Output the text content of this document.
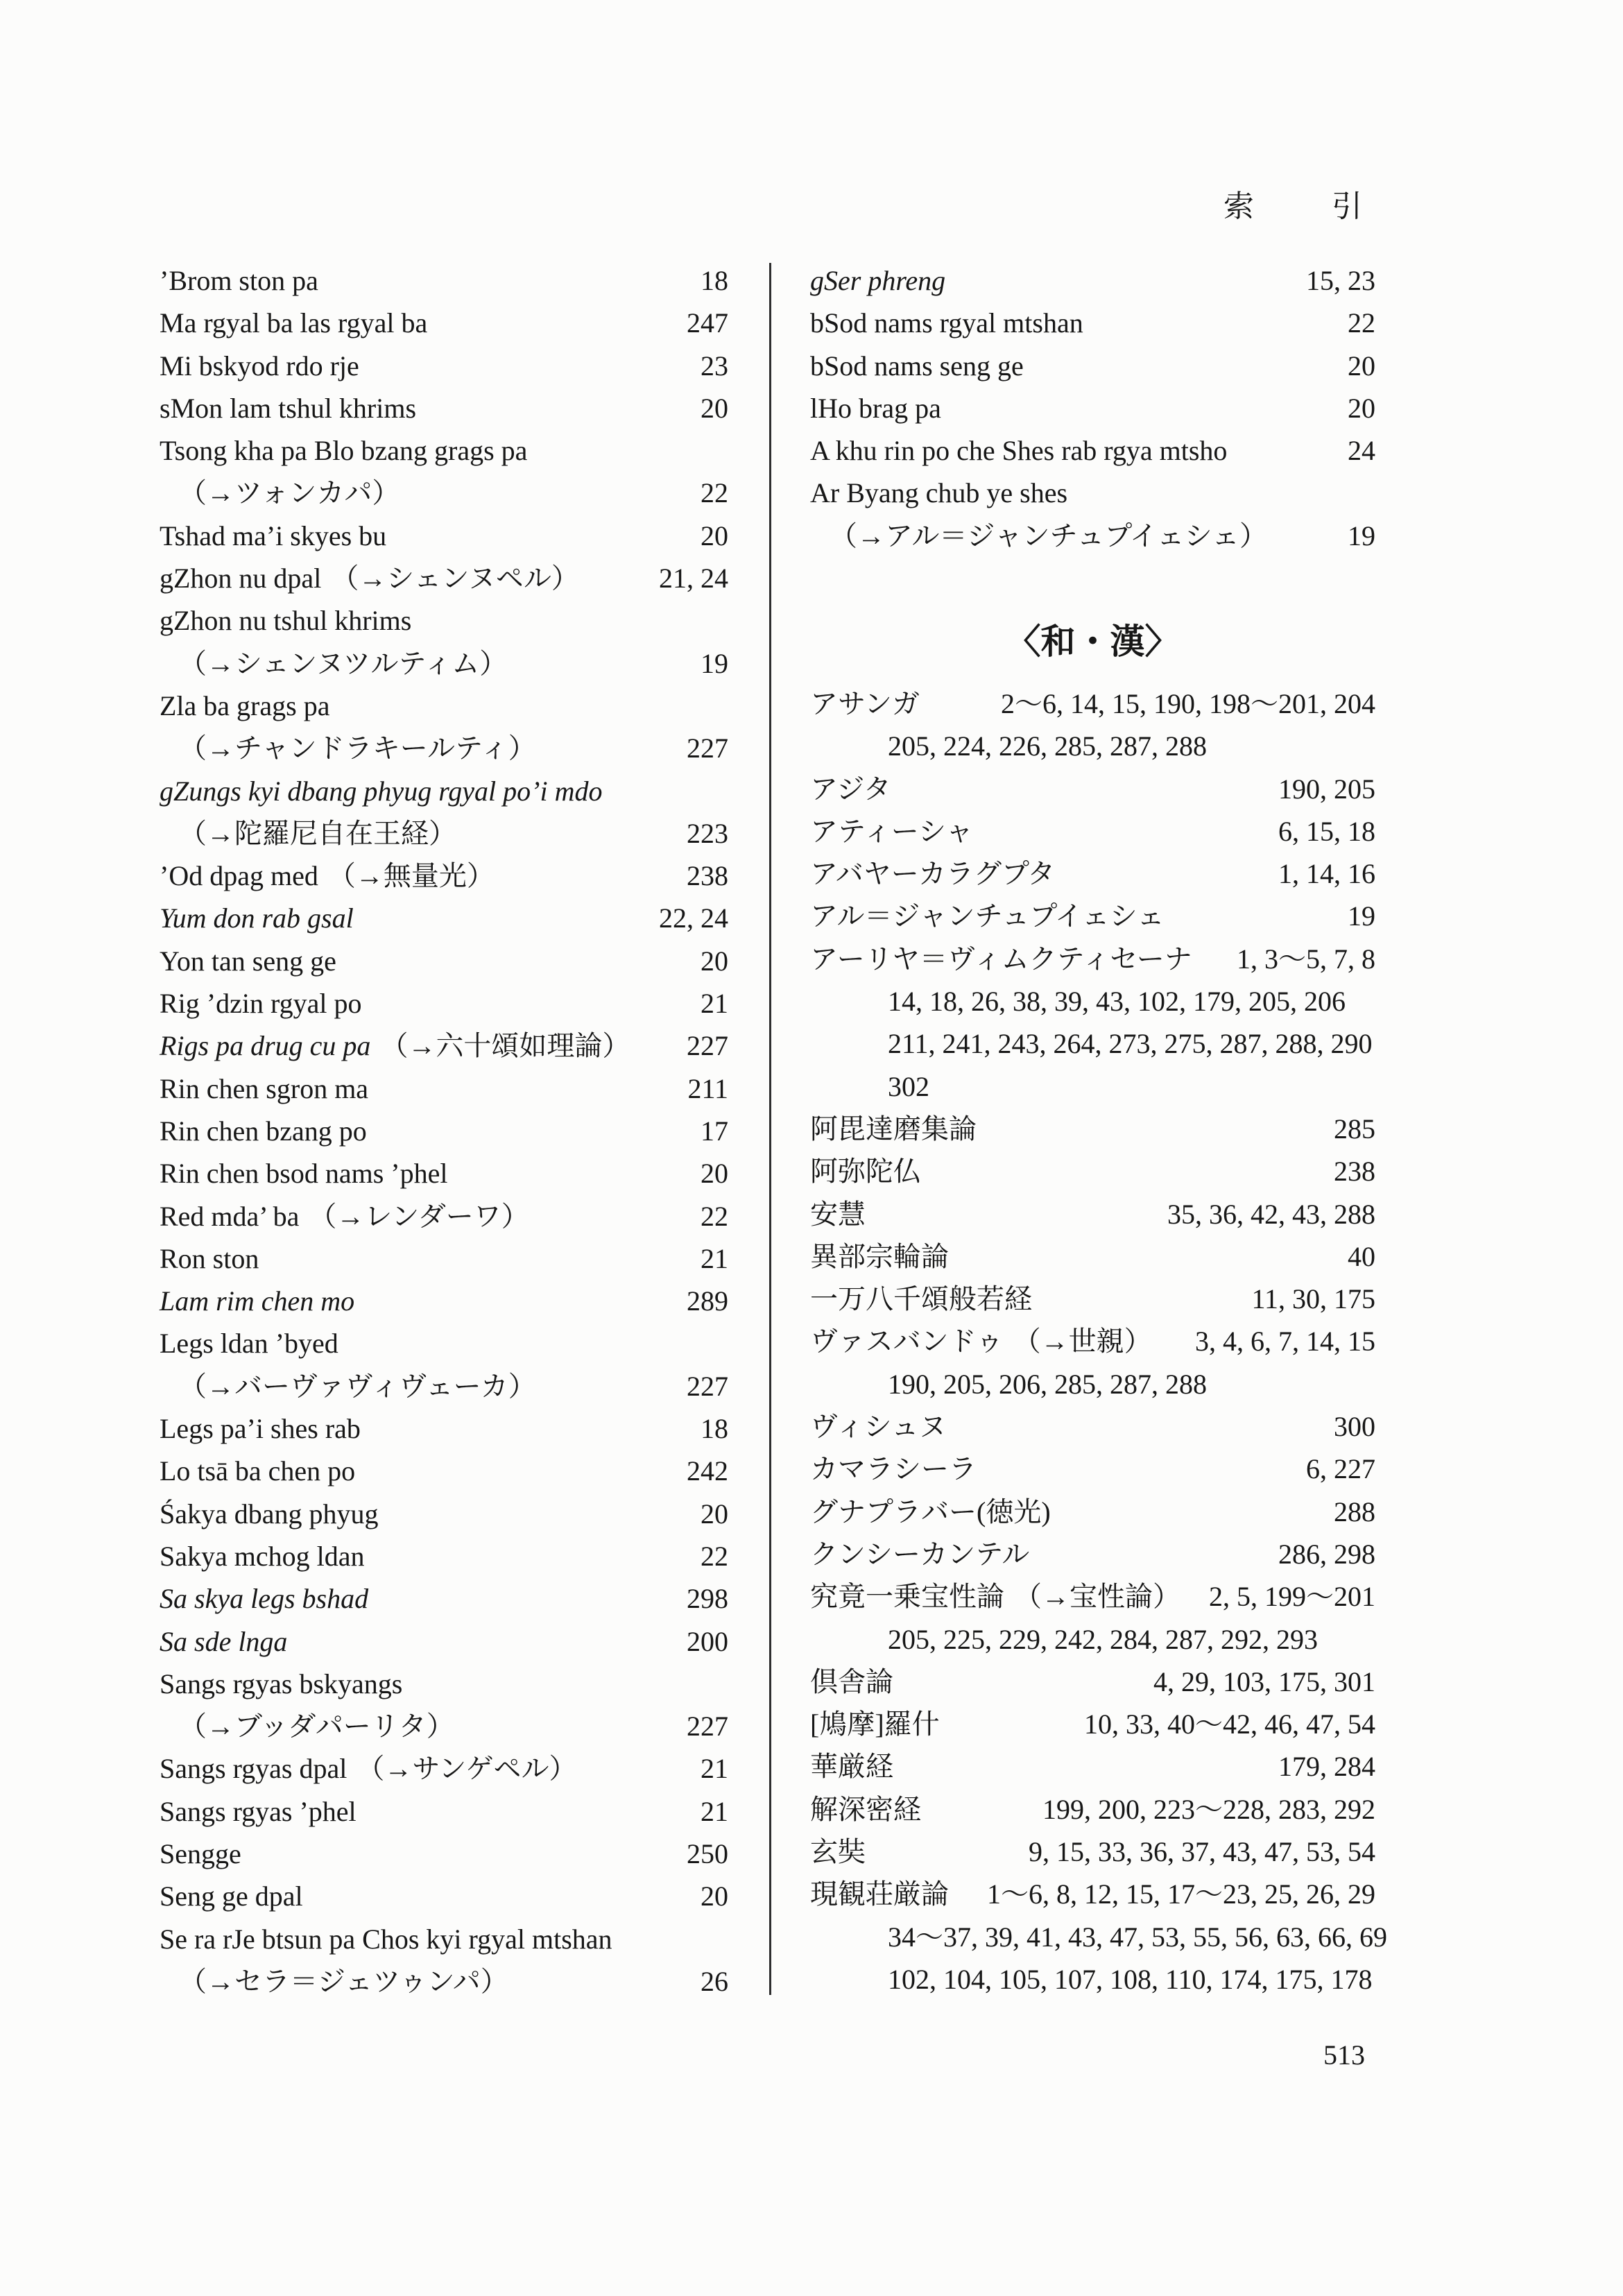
索	引
’Brom ston pa	18
Ma rgyal ba las rgyal ba	247
Mi bskyod rdo rje	23
sMon lam tshul khrims	20
Tsong kha pa Blo bzang grags pa
（→ツォンカパ）	22
Tshad ma’i skyes bu	20
gZhon nu dpal （→シェンヌペル）	21, 24
gZhon nu tshul khrims
（→シェンヌツルティム）	19
Zla ba grags pa
（→チャンドラキールティ）	227
gZungs kyi dbang phyug rgyal po’i mdo
（→陀羅尼自在王経）	223
’Od dpag med （→無量光）	238
Yum don rab gsal	22, 24
Yon tan seng ge	20
Rig ’dzin rgyal po	21
Rigs pa drug cu pa （→六十頌如理論） 227
Rin chen sgron ma	211
Rin chen bzang po	17
Rin chen bsod nams ’phel	20
Red mda’ ba （→レンダーワ）	22
Ron ston	21
Lam rim chen mo	289
Legs ldan ’byed
（→バーヴァヴィヴェーカ）	227
Legs pa’i shes rab	18
Lo tsā ba chen po	242
Śakya dbang phyug	20
Sakya mchog ldan	22
Sa skya legs bshad	298
Sa sde lnga	200
Sangs rgyas bskyangs
（→ブッダパーリタ）	227
Sangs rgyas dpal （→サンゲペル）	21
Sangs rgyas ’phel	21
Sengge	250
Seng ge dpal	20
Se ra rJe btsun pa Chos kyi rgyal mtshan
（→セラ＝ジェツゥンパ）	26
gSer phreng	15, 23
bSod nams rgyal mtshan	22
bSod nams seng ge	20
lHo brag pa	20
A khu rin po che Shes rab rgya mtsho	24
Ar Byang chub ye shes
（→アル＝ジャンチュプイェシェ）	19
〈和・漢〉
アサンガ	2〜6, 14, 15, 190, 198〜201, 204
205, 224, 226, 285, 287, 288
アジタ	190, 205
アティーシャ	6, 15, 18
アバヤーカラグプタ	1, 14, 16
アル＝ジャンチュプイェシェ	19
アーリヤ＝ヴィムクティセーナ 1, 3〜5, 7, 8
14, 18, 26, 38, 39, 43, 102, 179, 205, 206
211, 241, 243, 264, 273, 275, 287, 288, 290
302
阿毘達磨集論	285
阿弥陀仏	238
安慧	35, 36, 42, 43, 288
異部宗輪論	40
一万八千頌般若経	11, 30, 175
ヴァスバンドゥ （→世親） 3, 4, 6, 7, 14, 15
190, 205, 206, 285, 287, 288
ヴィシュヌ	300
カマラシーラ	6, 227
グナプラバー(徳光)	288
クンシーカンテル	286, 298
究竟一乗宝性論 （→宝性論） 2, 5, 199〜201
205, 225, 229, 242, 284, 287, 292, 293
倶舎論	4, 29, 103, 175, 301
[鳩摩]羅什	10, 33, 40〜42, 46, 47, 54
華厳経	179, 284
解深密経	199, 200, 223〜228, 283, 292
玄奘	9, 15, 33, 36, 37, 43, 47, 53, 54
現観荘厳論 1〜6, 8, 12, 15, 17〜23, 25, 26, 29
34〜37, 39, 41, 43, 47, 53, 55, 56, 63, 66, 69
102, 104, 105, 107, 108, 110, 174, 175, 178
513
